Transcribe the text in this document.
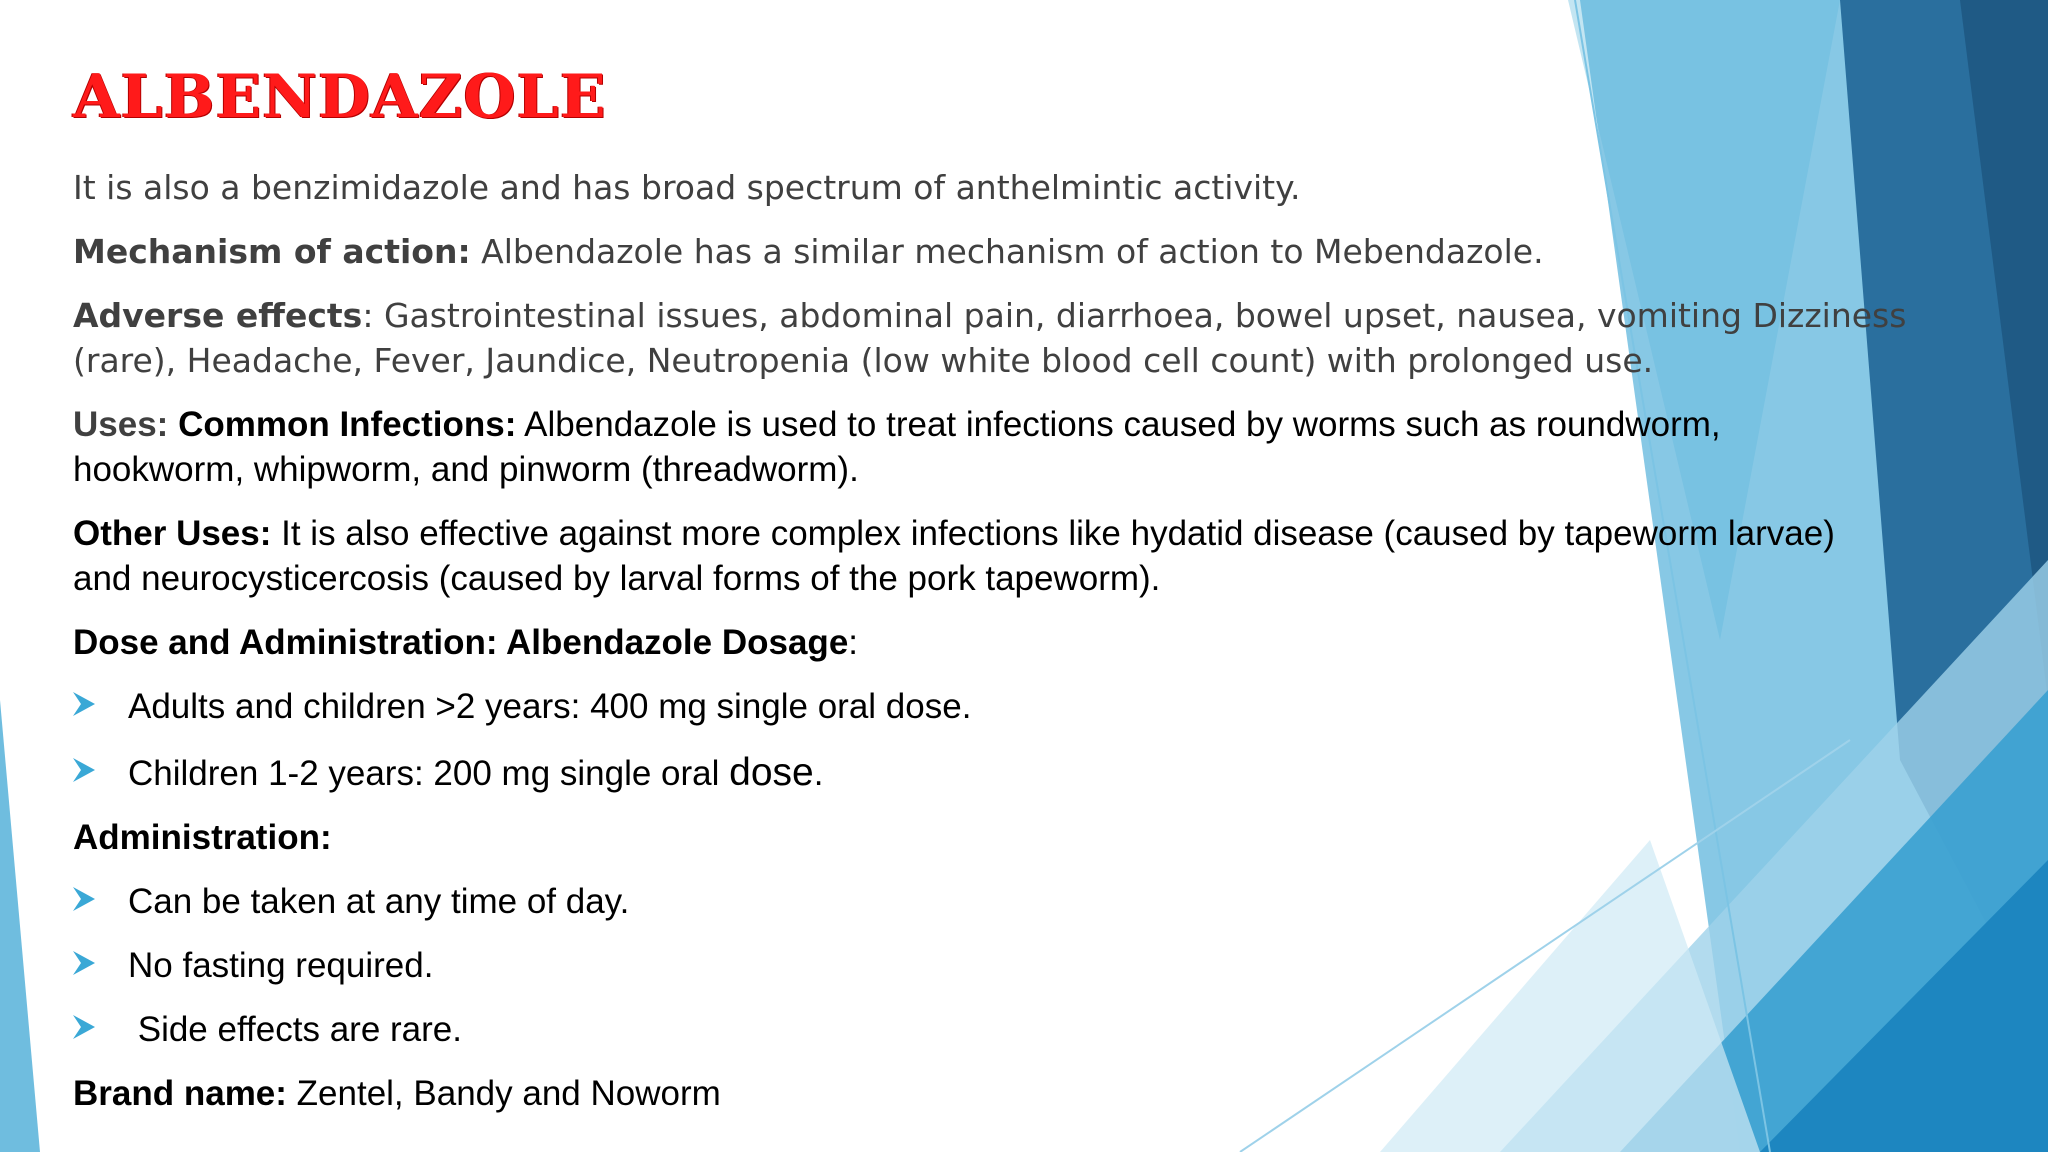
ALBENDAZOLE

It is also a benzimidazole and has broad spectrum of anthelmintic activity.

Mechanism of action: Albendazole has a similar mechanism of action to Mebendazole.

Adverse effects: Gastrointestinal issues, abdominal pain, diarrhoea, bowel upset, nausea, vomiting Dizziness

(rare), Headache, Fever, Jaundice, Neutropenia (low white blood cell count) with prolonged use.

Uses: Common Infections: Albendazole is used to treat infections caused by worms such as roundworm,

hookworm, whipworm, and pinworm (threadworm).

Other Uses: It is also effective against more complex infections like hydatid disease (caused by tapeworm larvae)

and neurocysticercosis (caused by larval forms of the pork tapeworm).

Dose and Administration: Albendazole Dosage:

Adults and children >2 years: 400 mg single oral dose.
Children 1-2 years: 200 mg single oral dose.

Administration:

Can be taken at any time of day.
No fasting required.
Side effects are rare.

Brand name: Zentel, Bandy and Noworm
